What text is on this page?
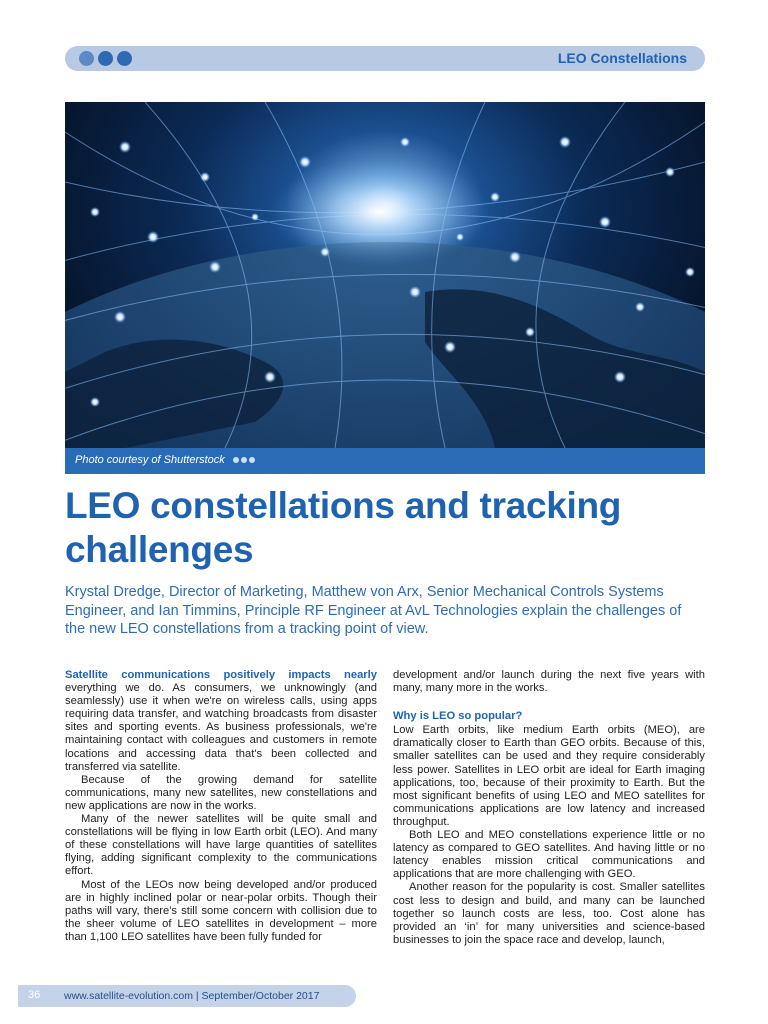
LEO Constellations
Photo courtesy of Shutterstock
LEO constellations and tracking
challenges
Krystal Dredge, Director of Marketing, Matthew von Arx, Senior Mechanical Controls Systems
Engineer, and Ian Timmins, Principle RF Engineer at AvL Technologies explain the challenges of
the new LEO constellations from a tracking point of view.

Satellite communications positively impacts nearly everything we do. As consumers, we unknowingly (and seamlessly) use it when we're on wireless calls, using apps requiring data transfer, and watching broadcasts from disaster sites and sporting events. As business professionals, we're maintaining contact with colleagues and customers in remote locations and accessing data that's been collected and transferred via satellite.

Because of the growing demand for satellite communications, many new satellites, new constellations and new applications are now in the works.

Many of the newer satellites will be quite small and constellations will be flying in low Earth orbit (LEO). And many of these constellations will have large quantities of satellites flying, adding significant complexity to the communications effort.

Most of the LEOs now being developed and/or produced are in highly inclined polar or near-polar orbits. Though their paths will vary, there's still some concern with collision due to the sheer volume of LEO satellites in development – more than 1,100 LEO satellites have been fully funded for

development and/or launch during the next five years with many, many more in the works.

Why is LEO so popular?

Low Earth orbits, like medium Earth orbits (MEO), are dramatically closer to Earth than GEO orbits. Because of this, smaller satellites can be used and they require considerably less power. Satellites in LEO orbit are ideal for Earth imaging applications, too, because of their proximity to Earth. But the most significant benefits of using LEO and MEO satellites for communications applications are low latency and increased throughput.

Both LEO and MEO constellations experience little or no latency as compared to GEO satellites. And having little or no latency enables mission critical communications and applications that are more challenging with GEO.

Another reason for the popularity is cost. Smaller satellites cost less to design and build, and many can be launched together so launch costs are less, too. Cost alone has provided an ‘in’ for many universities and science-based businesses to join the space race and develop, launch,

36 www.satellite-evolution.com | September/October 2017
